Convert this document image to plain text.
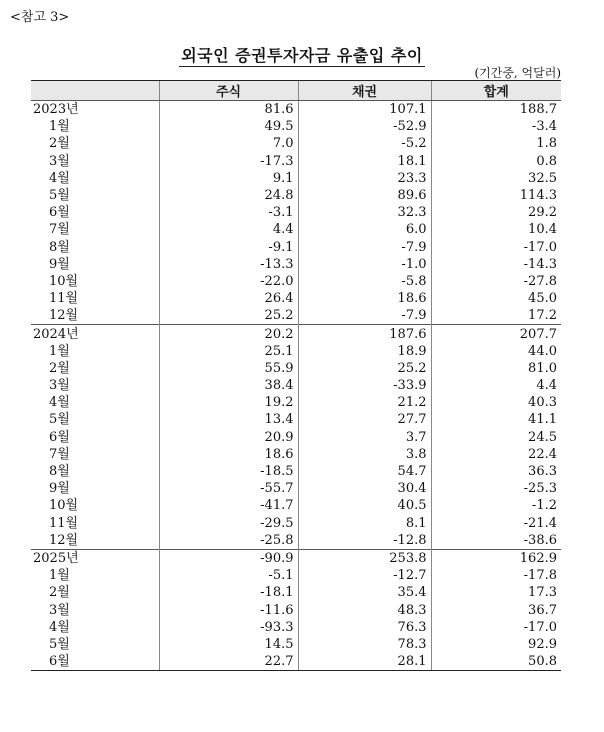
<참고 3>
외국인 증권투자자금 유출입 추이
(기간중, 억달러)
	주식	채권	합계
2023년	81.6	107.1	188.7
1월	49.5	-52.9	-3.4
2월	7.0	-5.2	1.8
3월	-17.3	18.1	0.8
4월	9.1	23.3	32.5
5월	24.8	89.6	114.3
6월	-3.1	32.3	29.2
7월	4.4	6.0	10.4
8월	-9.1	-7.9	-17.0
9월	-13.3	-1.0	-14.3
10월	-22.0	-5.8	-27.8
11월	26.4	18.6	45.0
12월	25.2	-7.9	17.2
2024년	20.2	187.6	207.7
1월	25.1	18.9	44.0
2월	55.9	25.2	81.0
3월	38.4	-33.9	4.4
4월	19.2	21.2	40.3
5월	13.4	27.7	41.1
6월	20.9	3.7	24.5
7월	18.6	3.8	22.4
8월	-18.5	54.7	36.3
9월	-55.7	30.4	-25.3
10월	-41.7	40.5	-1.2
11월	-29.5	8.1	-21.4
12월	-25.8	-12.8	-38.6
2025년	-90.9	253.8	162.9
1월	-5.1	-12.7	-17.8
2월	-18.1	35.4	17.3
3월	-11.6	48.3	36.7
4월	-93.3	76.3	-17.0
5월	14.5	78.3	92.9
6월	22.7	28.1	50.8
